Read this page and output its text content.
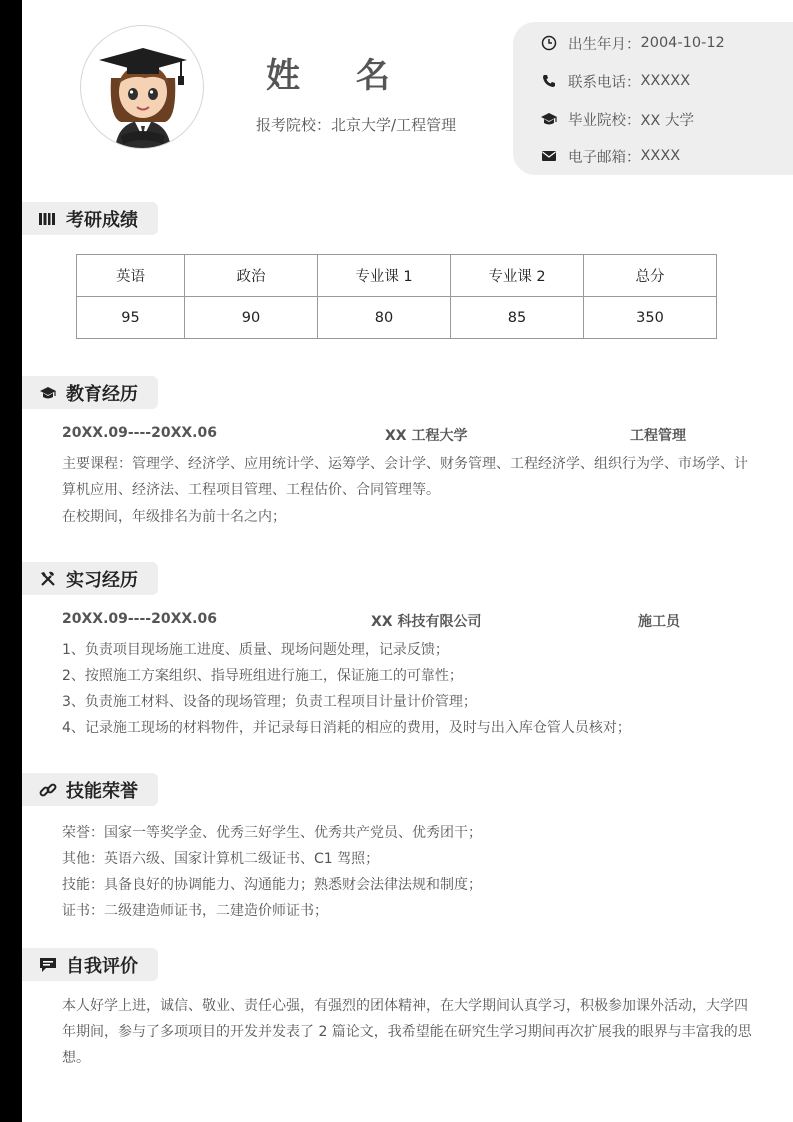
姓 名
报考院校：北京大学/工程管理
出生年月： 2004-10-12
联系电话： XXXXX
毕业院校： XX 大学
电子邮箱： XXXX
考研成绩
英语	政治	专业课 1	专业课 2	总分
95	90	80	85	350
教育经历
20XX.09----20XX.06	XX 工程大学	工程管理
主要课程：管理学、经济学、应用统计学、运筹学、会计学、财务管理、工程经济学、组织行为学、市场学、计算机应用、经济法、工程项目管理、工程估价、合同管理等。
在校期间，年级排名为前十名之内；
实习经历
20XX.09----20XX.06	XX 科技有限公司	施工员
1、负责项目现场施工进度、质量、现场问题处理，记录反馈；
2、按照施工方案组织、指导班组进行施工，保证施工的可靠性；
3、负责施工材料、设备的现场管理；负责工程项目计量计价管理；
4、记录施工现场的材料物件，并记录每日消耗的相应的费用，及时与出入库仓管人员核对；
技能荣誉
荣誉：国家一等奖学金、优秀三好学生、优秀共产党员、优秀团干；
其他：英语六级、国家计算机二级证书、C1 驾照；
技能：具备良好的协调能力、沟通能力；熟悉财会法律法规和制度；
证书：二级建造师证书，二建造价师证书；
自我评价
本人好学上进，诚信、敬业、责任心强，有强烈的团体精神，在大学期间认真学习，积极参加课外活动，大学四年期间，参与了多项项目的开发并发表了 2 篇论文，我希望能在研究生学习期间再次扩展我的眼界与丰富我的思想。
